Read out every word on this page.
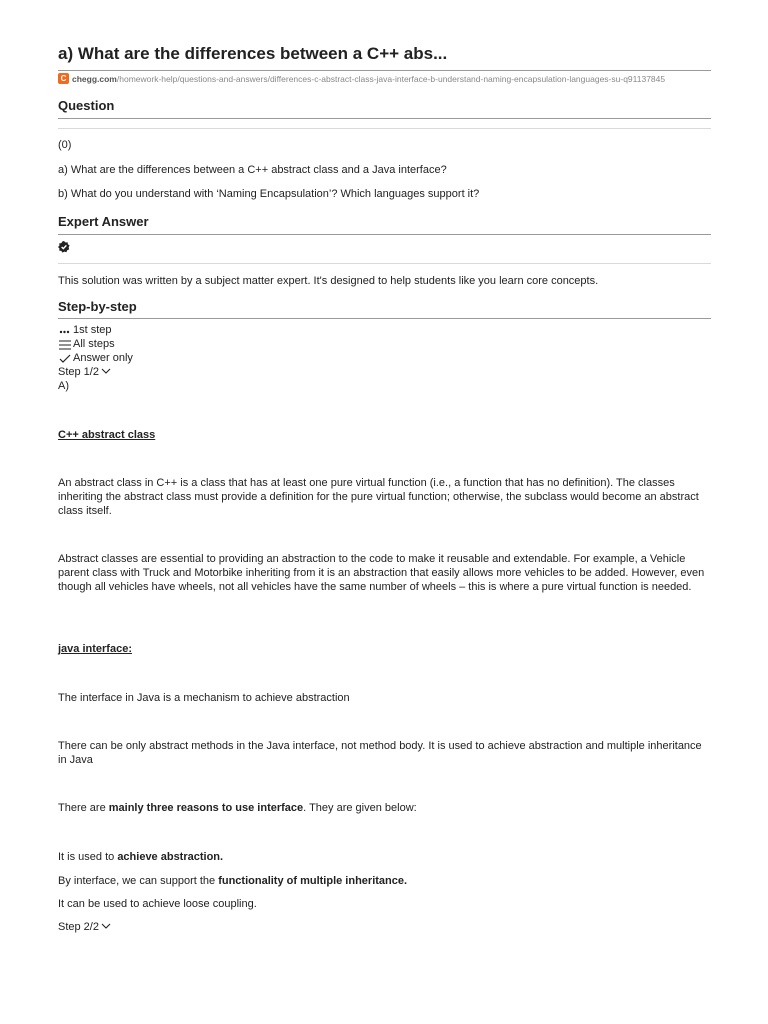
a) What are the differences between a C++ abs...
C chegg.com /homework-help/questions-and-answers/differences-c-abstract-class-java-interface-b-understand-naming-encapsulation-languages-su-q91137845
Question
(0)
a) What are the differences between a C++ abstract class and a Java interface?
b) What do you understand with ‘Naming Encapsulation’? Which languages support it?
Expert Answer
This solution was written by a subject matter expert. It's designed to help students like you learn core concepts.
Step-by-step
1st step
All steps
Answer only
Step 1/2
A)
C++ abstract class
An abstract class in C++ is a class that has at least one pure virtual function (i.e., a function that has no definition). The classes inheriting the abstract class must provide a definition for the pure virtual function; otherwise, the subclass would become an abstract class itself.
Abstract classes are essential to providing an abstraction to the code to make it reusable and extendable. For example, a Vehicle parent class with Truck and Motorbike inheriting from it is an abstraction that easily allows more vehicles to be added. However, even though all vehicles have wheels, not all vehicles have the same number of wheels – this is where a pure virtual function is needed.
java interface:
The interface in Java is a mechanism to achieve abstraction
There can be only abstract methods in the Java interface, not method body. It is used to achieve abstraction and multiple inheritance in Java
There are mainly three reasons to use interface. They are given below:
It is used to achieve abstraction.
By interface, we can support the functionality of multiple inheritance.
It can be used to achieve loose coupling.
Step 2/2
